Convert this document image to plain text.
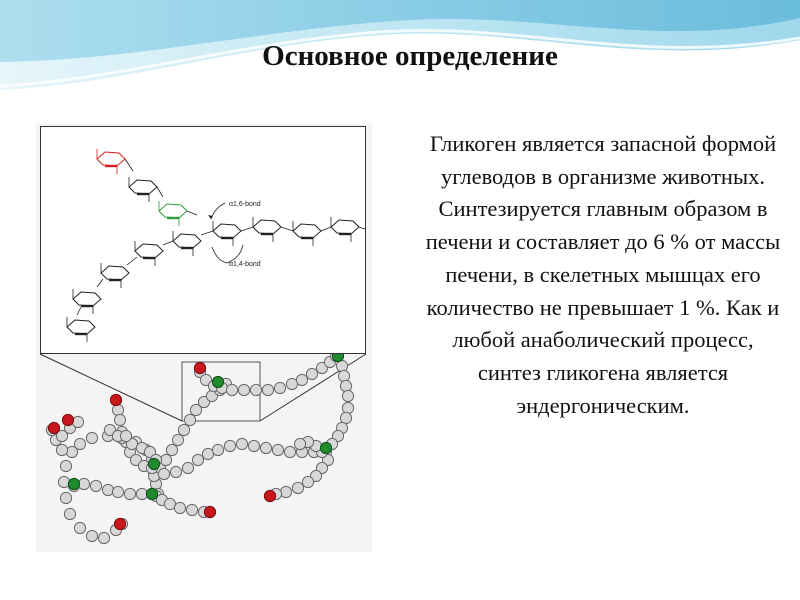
Основное определение

Гликоген является запасной формой углеводов в организме животных. Синтезируется главным образом в печени и составляет до 6 % от массы печени, в скелетных мышцах его количество не превышает 1 %. Как и любой анаболический процесс, синтез гликогена является эндергоническим.

α1,6-bond
α1,4-bond
